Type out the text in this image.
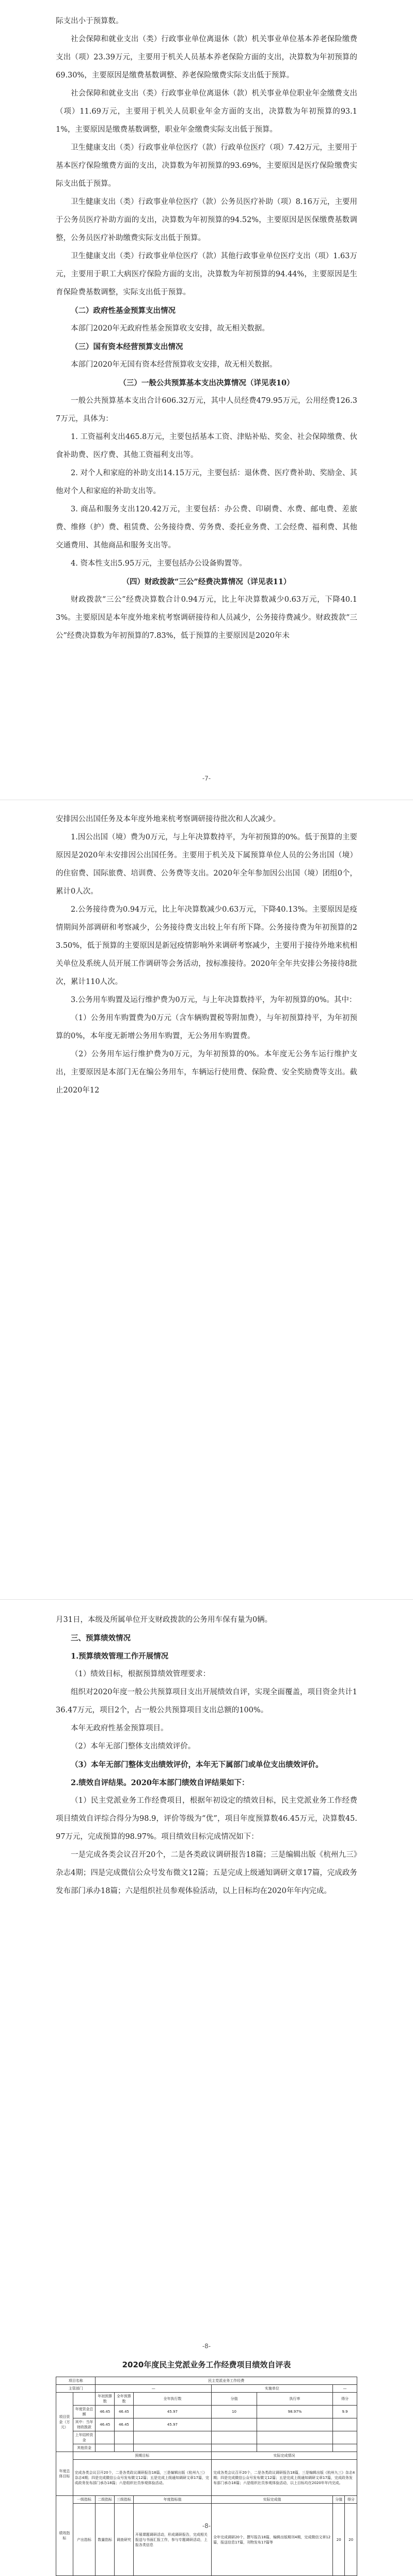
际支出小于预算数。

社会保障和就业支出（类）行政事业单位离退休（款）机关事业单位基本养老保险缴费支出（项）23.39万元，主要用于机关人员基本养老保险方面的支出，决算数为年初预算的69.30%，主要原因是缴费基数调整、养老保险缴费实际支出低于预算。

社会保障和就业支出（类）行政事业单位离退休（款）机关事业单位职业年金缴费支出（项）11.69万元，主要用于机关人员职业年金方面的支出，决算数为年初预算的93.11%，主要原因是缴费基数调整，职业年金缴费实际支出低于预算。

卫生健康支出（类）行政事业单位医疗（款）行政单位医疗（项）7.42万元，主要用于基本医疗保险缴费方面的支出，决算数为年初预算的93.69%，主要原因是医疗保险缴费实际支出低于预算。

卫生健康支出（类）行政事业单位医疗（款）公务员医疗补助（项）8.16万元，主要用于公务员医疗补助方面的支出，决算数为年初预算的94.52%，主要原因是医保缴费基数调整，公务员医疗补助缴费实际支出低于预算。

卫生健康支出（类）行政事业单位医疗（款）其他行政事业单位医疗支出（项）1.63万元，主要用于职工大病医疗保险方面的支出，决算数为年初预算的94.44%，主要原因是生育保险费基数调整，实际支出低于预算。

（二）政府性基金预算支出情况

本部门2020年无政府性基金预算收支安排，故无相关数据。

（三）国有资本经营预算支出情况

本部门2020年无国有资本经营预算收支安排，故无相关数据。

（三）一般公共预算基本支出决算情况（详见表10）

一般公共预算基本支出合计606.32万元，其中人员经费479.95万元，公用经费126.37万元，具体为：

1. 工资福利支出465.8万元，主要包括基本工资、津贴补贴、奖金、社会保障缴费、伙食补助费、医疗费、其他工资福利支出等。

2. 对个人和家庭的补助支出14.15万元，主要包括：退休费、医疗费补助、奖励金、其他对个人和家庭的补助支出等。

3. 商品和服务支出120.42万元，主要包括：办公费、印刷费、水费、邮电费、差旅费、维修（护）费、租赁费、公务接待费、劳务费、委托业务费、工会经费、福利费、其他交通费用、其他商品和服务支出等。

4. 资本性支出5.95万元，主要包括办公设备购置等。

（四）财政拨款“三公”经费决算情况（详见表11）

财政拨款“三公”经费决算数合计0.94万元，比上年决算数减少0.63万元，下降40.13%。主要原因是本年度外地来杭考察调研接待和人员减少，公务接待费减少。财政拨款“三公”经费决算数为年初预算的7.83%，低于预算的主要原因是2020年未

-7-

安排因公出国任务及本年度外地来杭考察调研接待批次和人次减少。

1.因公出国（境）费为0万元，与上年决算数持平，为年初预算的0%。低于预算的主要原因是2020年未安排因公出国任务。主要用于机关及下属预算单位人员的公务出国（境）的住宿费、国际旅费、培训费、公务费等支出。2020年全年参加因公出国（境）团组0个，累计0人次。

2.公务接待费为0.94万元，比上年决算数减少0.63万元，下降40.13%。主要原因是疫情期间外部调研和考察减少，公务接待费支出较上年有所下降。公务接待费为年初预算的23.50%，低于预算的主要原因是新冠疫情影响外来调研考察减少，主要用于接待外地来杭相关单位及系统人员开展工作调研等会务活动，按标准接待。2020年全年共安排公务接待8批次，累计110人次。

3.公务用车购置及运行维护费为0万元，与上年决算数持平，为年初预算的0%。其中：

（1）公务用车购置费为0万元（含车辆购置税等附加费），与年初预算持平，为年初预算的0%，本年度无新增公务用车购置，无公务用车购置费。

（2）公务用车运行维护费为0万元，为年初预算的0%。本年度无公务车运行维护支出，主要原因是本部门无在编公务用车，车辆运行使用费、保险费、安全奖励费等支出。截止2020年12

月31日，本级及所属单位开支财政拨款的公务用车保有量为0辆。

三、预算绩效情况
1.预算绩效管理工作开展情况

（1）绩效目标，根据预算绩效管理要求：

组织对2020年度一般公共预算项目支出开展绩效自评，实现全面覆盖，项目资金共计136.47万元，项目2个，占一般公共预算项目支出总额的100%。

本年无政府性基金预算项目。

（2）本年无部门整体支出绩效评价。

（3）本年无部门整体支出绩效评价，本年无下属部门或单位支出绩效评价。
2.绩效自评结果。2020年本部门绩效自评结果如下：

（1）民主党派业务工作经费项目，根据年初设定的绩效目标，民主党派业务工作经费项目绩效自评综合得分为98.9，评价等级为“优”，项目年度预算数46.45万元，决算数45.97万元，完成预算的98.97%。项目绩效目标完成情况如下：

一是完成各类会议召开20个，二是各类政议调研报告18篇；三是编辑出版《杭州九三》杂志4期；四是完成微信公众号发布微文12篇；五是完成上级通知调研文章17篇，完成政务发布部门承办18篇；六是组织社员参观体验活动，以上目标均在2020年年内完成。

-8-
2020年度民主党派业务工作经费项目绩效自评表
项目名称		民主党派业务工作经费						
主管部门		—			实施单位		—	
项目资金（万元）		年初预算数	全年预算数	全年执行数	分值	执行率	得分	
	年度资金总额	46.45	46.45	45.97	10	98.97%	9.9	
	其中：当年财政拨款	46.45	46.45	45.97				
	上年结转资金							
	其他资金							
年度总体目标	预期目标				实际完成情况			
	完成各类会议召开20个，二是各类政议调研报告18篇，三是编辑出版《杭州九三》杂志4期；四是完成微信公众号发布微文12篇；五是完成上级通知调研文章17篇，完成政务发布部门承办18篇；六是组织社员参观体验活动。				完成各类会议召开20个，二是各类政议调研报告18篇，三是编辑出版《杭州九三》杂志4期；四是完成微信公众号发布微文12篇；五是完成上级通知调研文章17篇，完成政务发布部门承办18篇；六是组织社员参观体验活动，以上目标均在2020年年内完成。			
绩效指标	一级指标	二级指标	三级指标	年度指标值	实际完成值		分值	得分
	产出指标	数量指标	调查研究	开展课题调研活动，形成调研报告，完成相关报送与书面汇报工作，参与专题调研活动，上报各类信息	全年完成调研20个，撰写报告18篇，编辑出版期刊4期，完成微信文章12篇，报送信息17篇，刊物发布17篇等		20	20
-8-
